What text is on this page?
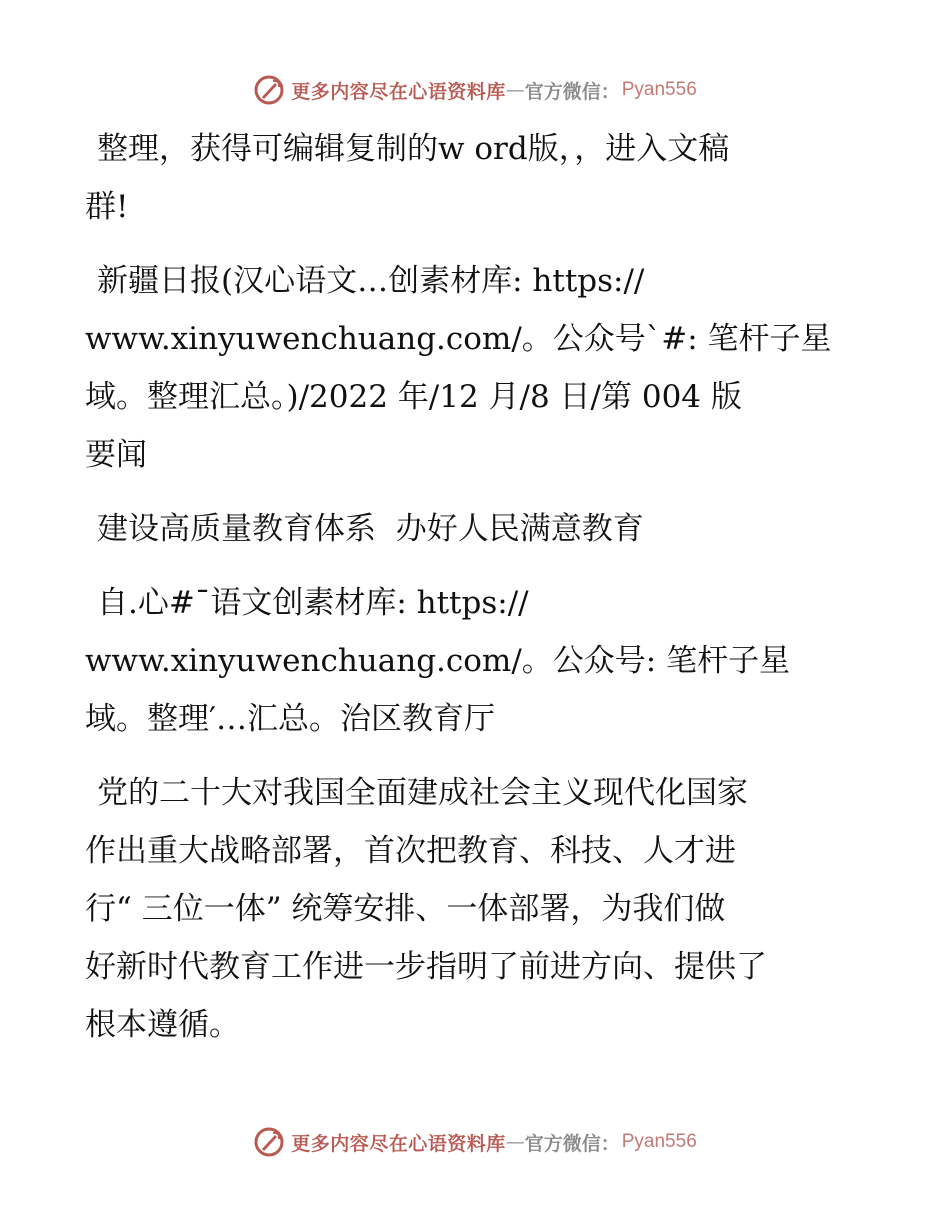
更多内容尽在心语资料库 — 官方微信： Pyan556

整理，获得可编辑复制的w ord版，，进入文稿
群!

新疆日报(汉心语文…创素材库: https://
www.xinyuwenchuang.com/。公众号`#: 笔杆子星
域。整理汇总。)/2022 年/12 月/8 日/第 004 版
要闻

建设高质量教育体系  办好人民满意教育

自.心#¯语文创素材库: https://
www.xinyuwenchuang.com/。公众号: 笔杆子星
域。整理′…汇总。治区教育厅

党的二十大对我国全面建成社会主义现代化国家
作出重大战略部署，首次把教育、科技、人才进
行“ 三位一体” 统筹安排、一体部署，为我们做
好新时代教育工作进一步指明了前进方向、提供了
根本遵循。

更多内容尽在心语资料库 — 官方微信： Pyan556
